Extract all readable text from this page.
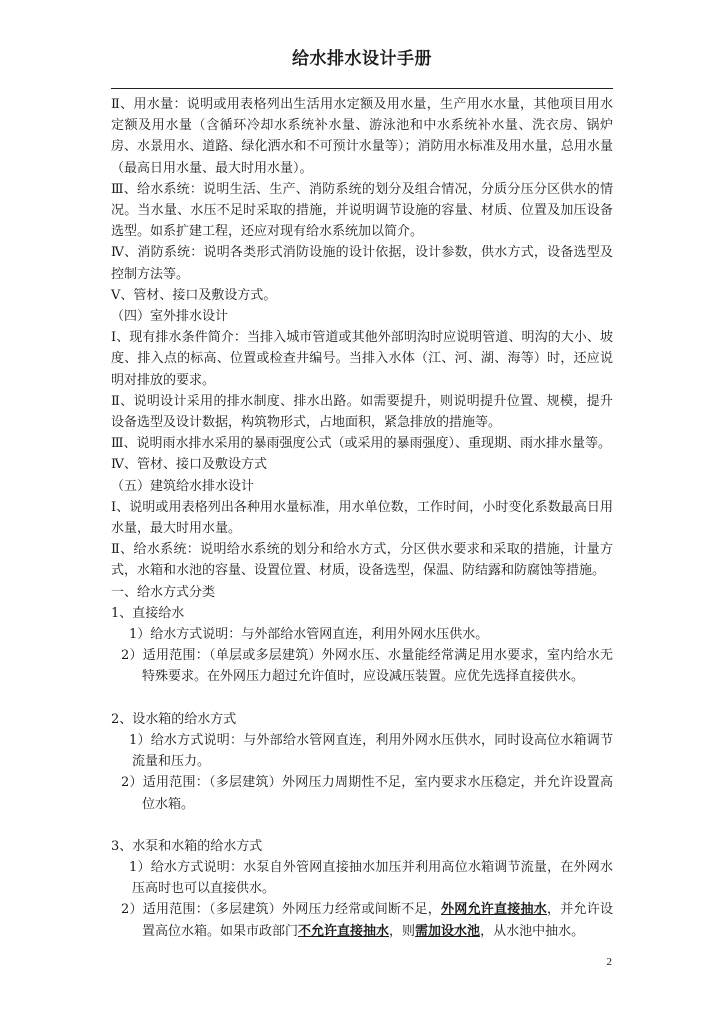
给水排水设计手册

Ⅱ、用水量：说明或用表格列出生活用水定额及用水量，生产用水水量，其他项目用水定额及用水量（含循环冷却水系统补水量、游泳池和中水系统补水量、洗衣房、锅炉房、水景用水、道路、绿化洒水和不可预计水量等）；消防用水标准及用水量，总用水量（最高日用水量、最大时用水量）。

Ⅲ、给水系统：说明生活、生产、消防系统的划分及组合情况，分质分压分区供水的情况。当水量、水压不足时采取的措施，并说明调节设施的容量、材质、位置及加压设备选型。如系扩建工程，还应对现有给水系统加以简介。

Ⅳ、消防系统：说明各类形式消防设施的设计依据，设计参数，供水方式，设备选型及控制方法等。

Ⅴ、管材、接口及敷设方式。

（四）室外排水设计

Ⅰ、现有排水条件简介：当排入城市管道或其他外部明沟时应说明管道、明沟的大小、坡度、排入点的标高、位置或检查井编号。当排入水体（江、河、湖、海等）时，还应说明对排放的要求。

Ⅱ、说明设计采用的排水制度、排水出路。如需要提升，则说明提升位置、规模，提升设备选型及设计数据，构筑物形式，占地面积，紧急排放的措施等。

Ⅲ、说明雨水排水采用的暴雨强度公式（或采用的暴雨强度）、重现期、雨水排水量等。

Ⅳ、管材、接口及敷设方式

（五）建筑给水排水设计

Ⅰ、说明或用表格列出各种用水量标准，用水单位数，工作时间，小时变化系数最高日用水量，最大时用水量。

Ⅱ、给水系统：说明给水系统的划分和给水方式，分区供水要求和采取的措施，计量方式，水箱和水池的容量、设置位置、材质，设备选型，保温、防结露和防腐蚀等措施。

一、给水方式分类

1、直接给水

1）给水方式说明：与外部给水管网直连，利用外网水压供水。

2）适用范围：（单层或多层建筑）外网水压、水量能经常满足用水要求，室内给水无特殊要求。在外网压力超过允许值时，应设减压装置。应优先选择直接供水。

2、设水箱的给水方式

1）给水方式说明：与外部给水管网直连，利用外网水压供水，同时设高位水箱调节流量和压力。

2）适用范围：（多层建筑）外网压力周期性不足，室内要求水压稳定，并允许设置高位水箱。

3、水泵和水箱的给水方式

1）给水方式说明：水泵自外管网直接抽水加压并利用高位水箱调节流量，在外网水压高时也可以直接供水。

2）适用范围：（多层建筑）外网压力经常或间断不足，外网允许直接抽水，并允许设置高位水箱。如果市政部门不允许直接抽水，则需加设水池，从水池中抽水。

2
